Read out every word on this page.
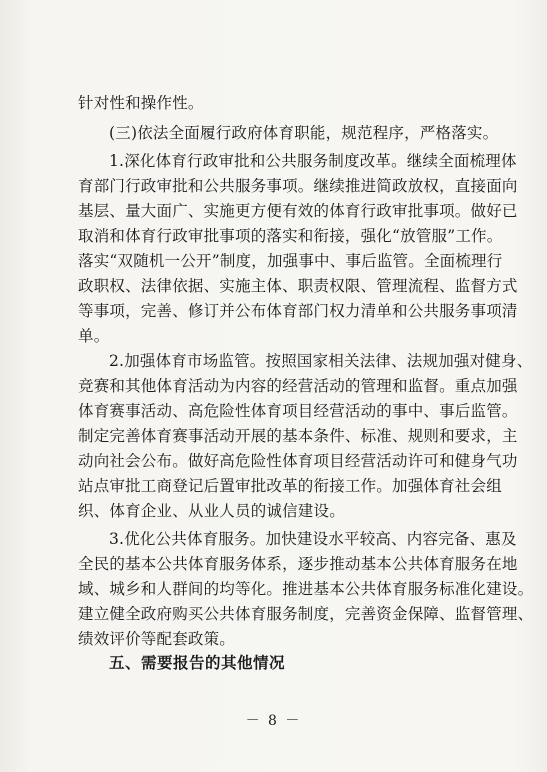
针对性和操作性。
(三)依法全面履行政府体育职能，规范程序，严格落实。
1.深化体育行政审批和公共服务制度改革。继续全面梳理体
育部门行政审批和公共服务事项。继续推进简政放权，直接面向
基层、量大面广、实施更方便有效的体育行政审批事项。做好已
取消和体育行政审批事项的落实和衔接，强化“放管服”工作。
落实“双随机一公开”制度，加强事中、事后监管。全面梳理行
政职权、法律依据、实施主体、职责权限、管理流程、监督方式
等事项，完善、修订并公布体育部门权力清单和公共服务事项清
单。
2.加强体育市场监管。按照国家相关法律、法规加强对健身、
竞赛和其他体育活动为内容的经营活动的管理和监督。重点加强
体育赛事活动、高危险性体育项目经营活动的事中、事后监管。
制定完善体育赛事活动开展的基本条件、标准、规则和要求，主
动向社会公布。做好高危险性体育项目经营活动许可和健身气功
站点审批工商登记后置审批改革的衔接工作。加强体育社会组
织、体育企业、从业人员的诚信建设。
3.优化公共体育服务。加快建设水平较高、内容完备、惠及
全民的基本公共体育服务体系，逐步推动基本公共体育服务在地
域、城乡和人群间的均等化。推进基本公共体育服务标准化建设。
建立健全政府购买公共体育服务制度，完善资金保障、监督管理、
绩效评价等配套政策。
五、需要报告的其他情况
－ 8 －
